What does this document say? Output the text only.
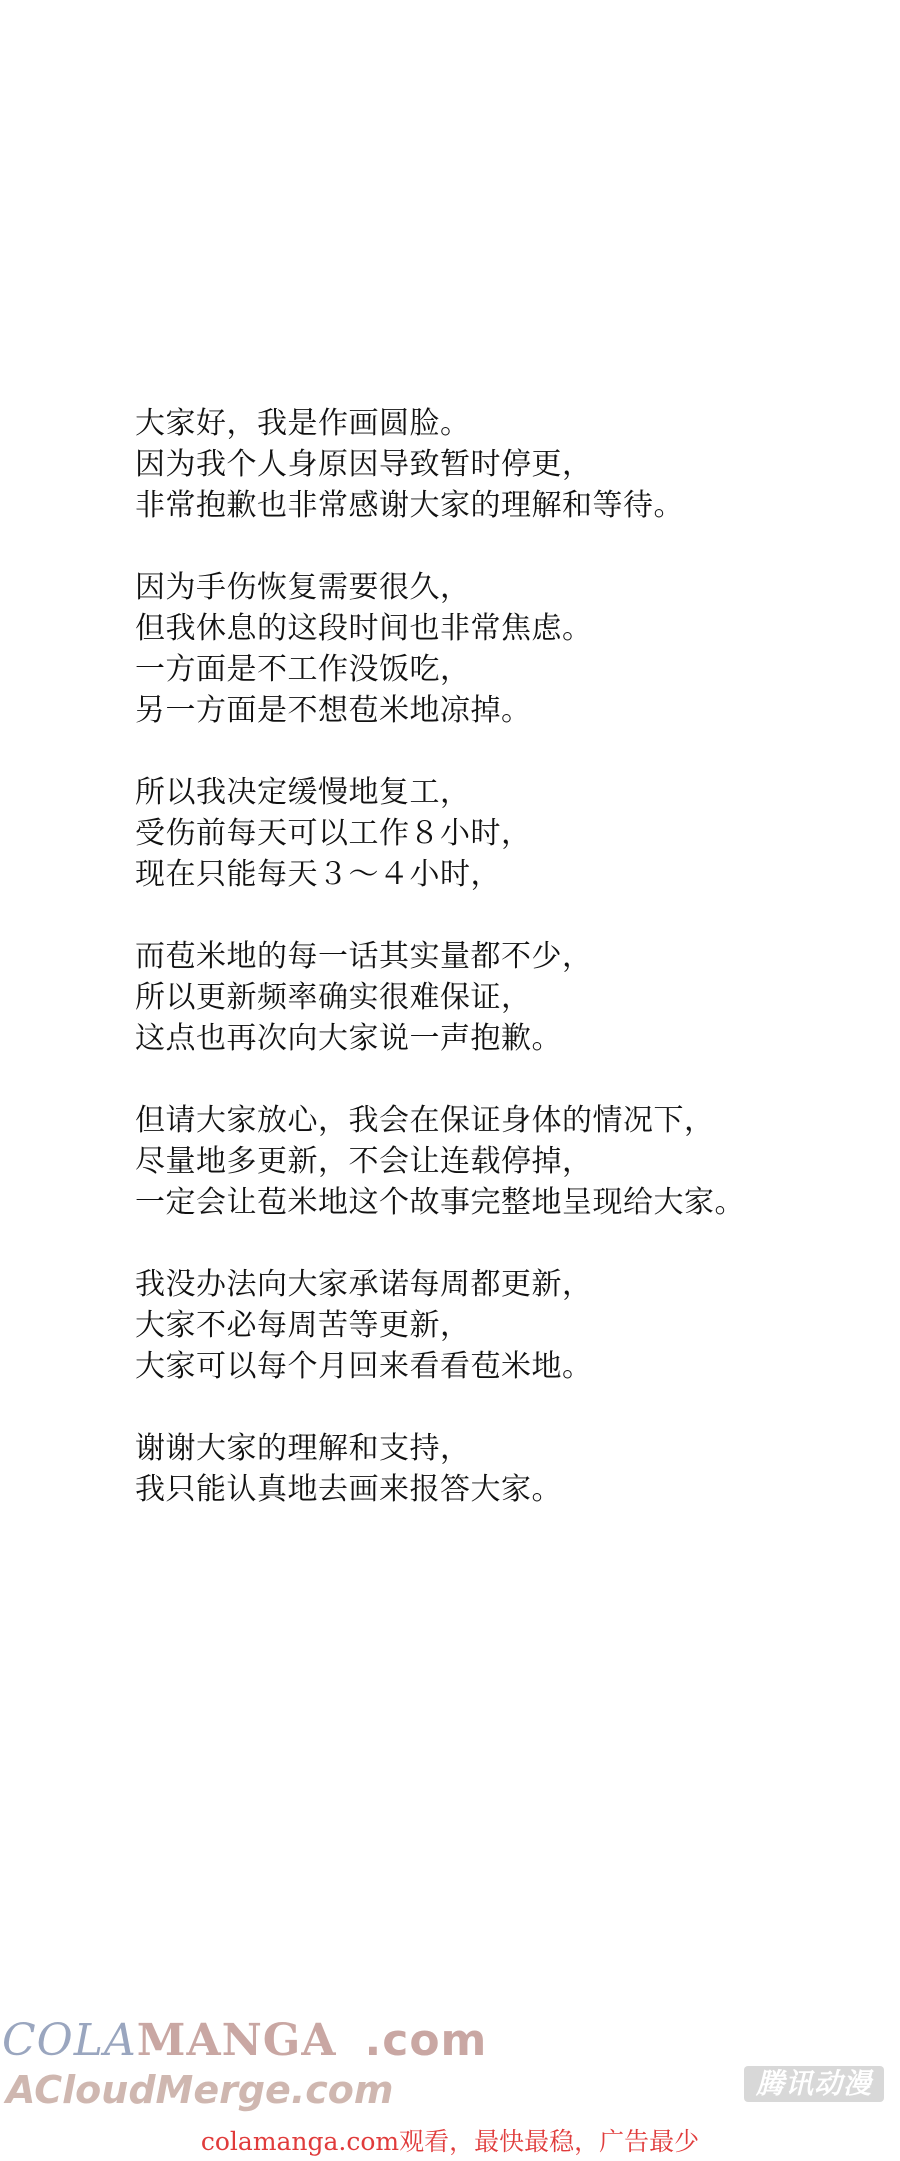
大家好，我是作画圆脸。
因为我个人身原因导致暂时停更，
非常抱歉也非常感谢大家的理解和等待。
因为手伤恢复需要很久，
但我休息的这段时间也非常焦虑。
一方面是不工作没饭吃，
另一方面是不想苞米地凉掉。
所以我决定缓慢地复工，
受伤前每天可以工作８小时，
现在只能每天３～４小时，
而苞米地的每一话其实量都不少，
所以更新频率确实很难保证，
这点也再次向大家说一声抱歉。
但请大家放心，我会在保证身体的情况下，
尽量地多更新，不会让连载停掉，
一定会让苞米地这个故事完整地呈现给大家。
我没办法向大家承诺每周都更新，
大家不必每周苦等更新，
大家可以每个月回来看看苞米地。
谢谢大家的理解和支持，
我只能认真地去画来报答大家。
COLAMANGA .com
ACloudMerge.com	腾讯动漫
colamanga.com观看，最快最稳，广告最少
